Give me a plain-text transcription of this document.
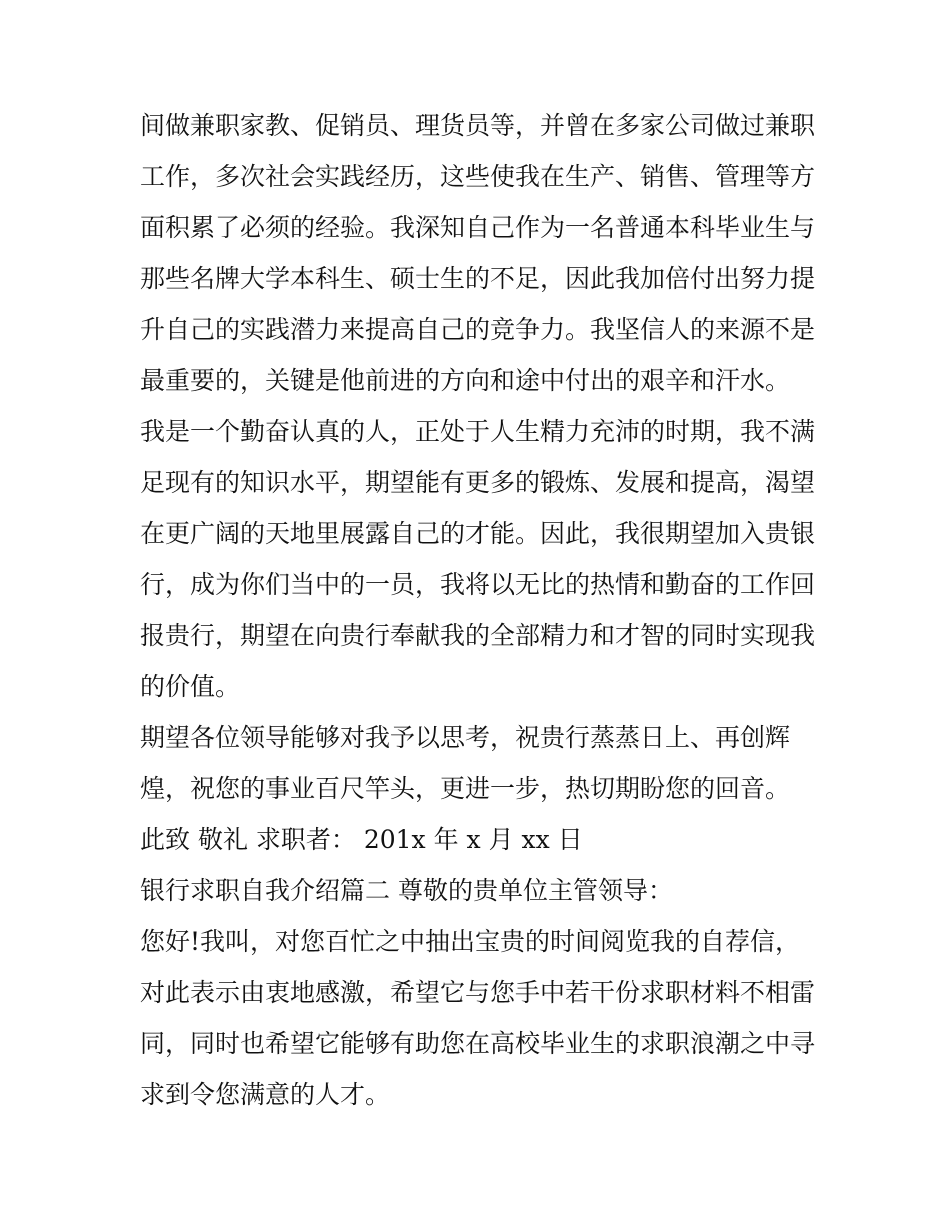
间做兼职家教、促销员、理货员等，并曾在多家公司做过兼职
工作，多次社会实践经历，这些使我在生产、销售、管理等方
面积累了必须的经验。我深知自己作为一名普通本科毕业生与
那些名牌大学本科生、硕士生的不足，因此我加倍付出努力提
升自己的实践潜力来提高自己的竞争力。我坚信人的来源不是
最重要的，关键是他前进的方向和途中付出的艰辛和汗水。
我是一个勤奋认真的人，正处于人生精力充沛的时期，我不满
足现有的知识水平，期望能有更多的锻炼、发展和提高，渴望
在更广阔的天地里展露自己的才能。因此，我很期望加入贵银
行，成为你们当中的一员，我将以无比的热情和勤奋的工作回
报贵行，期望在向贵行奉献我的全部精力和才智的同时实现我
的价值。
期望各位领导能够对我予以思考，祝贵行蒸蒸日上、再创辉
煌，祝您的事业百尺竿头，更进一步，热切期盼您的回音。
此致 敬礼 求职者： 201x 年 x 月 xx 日
银行求职自我介绍篇二 尊敬的贵单位主管领导：
您好!我叫，对您百忙之中抽出宝贵的时间阅览我的自荐信，
对此表示由衷地感激，希望它与您手中若干份求职材料不相雷
同，同时也希望它能够有助您在高校毕业生的求职浪潮之中寻
求到令您满意的人才。
